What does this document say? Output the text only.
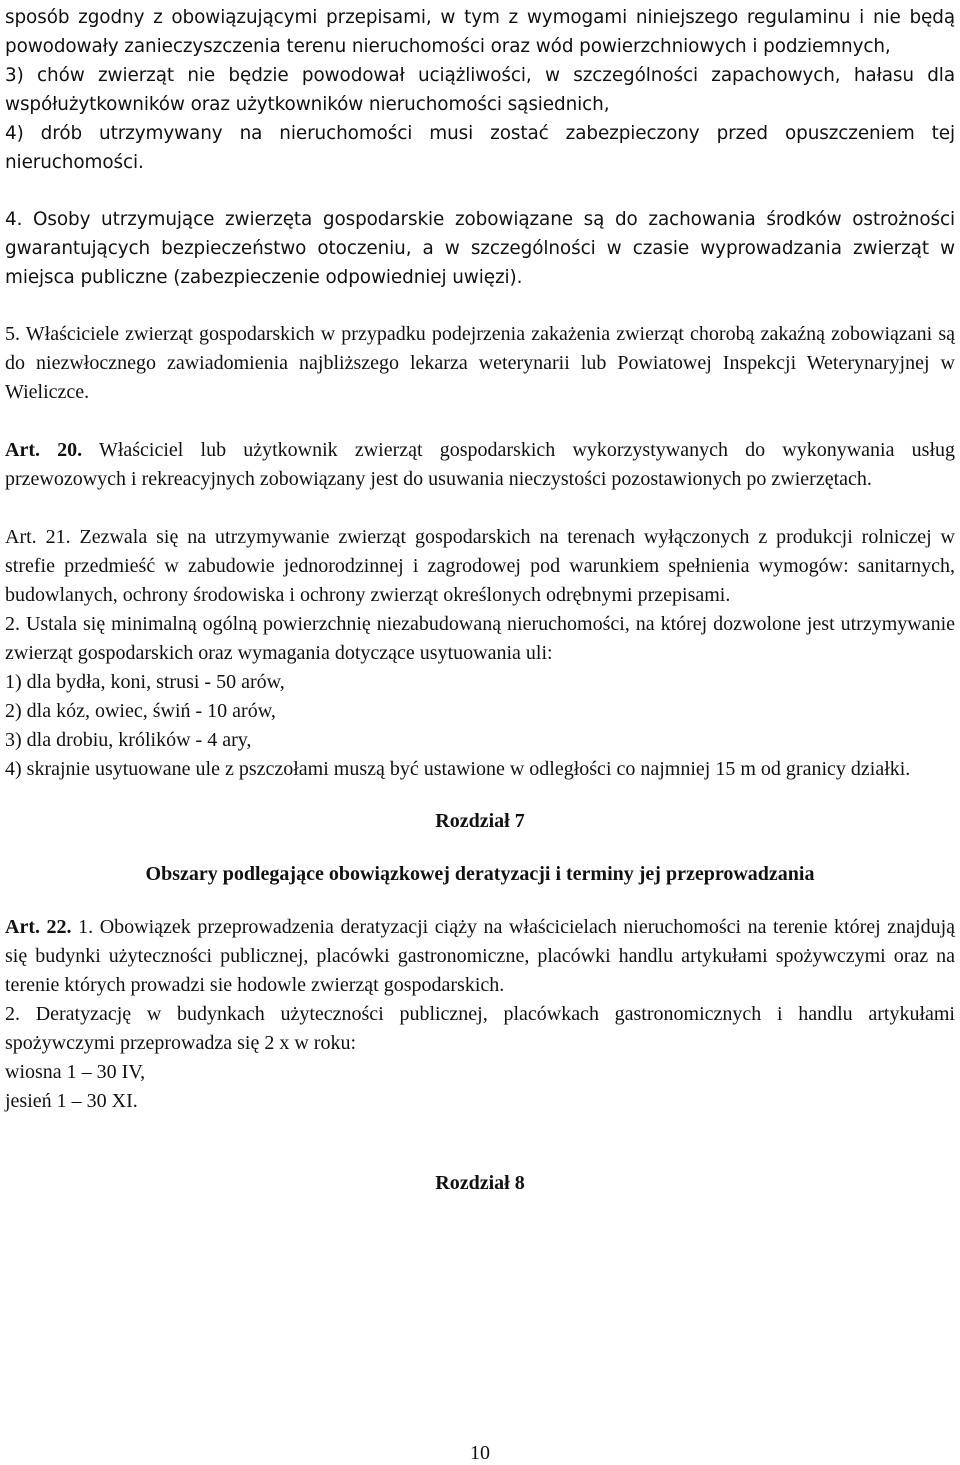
sposób zgodny z obowiązującymi przepisami, w tym z wymogami niniejszego regulaminu i nie będą powodowały zanieczyszczenia terenu nieruchomości oraz wód powierzchniowych i podziemnych,

3) chów zwierząt nie będzie powodował uciążliwości, w szczególności zapachowych, hałasu dla współużytkowników oraz użytkowników nieruchomości sąsiednich,

4) drób utrzymywany na nieruchomości musi zostać zabezpieczony przed opuszczeniem tej nieruchomości.

4. Osoby utrzymujące zwierzęta gospodarskie zobowiązane są do zachowania środków ostrożności gwarantujących bezpieczeństwo otoczeniu, a w szczególności w czasie wyprowadzania zwierząt w miejsca publiczne (zabezpieczenie odpowiedniej uwięzi).

5. Właściciele zwierząt gospodarskich w przypadku podejrzenia zakażenia zwierząt chorobą zakaźną zobowiązani są do niezwłocznego zawiadomienia najbliższego lekarza weterynarii lub Powiatowej Inspekcji Weterynaryjnej w Wieliczce.

Art. 20. Właściciel lub użytkownik zwierząt gospodarskich wykorzystywanych do wykonywania usług przewozowych i rekreacyjnych zobowiązany jest do usuwania nieczystości pozostawionych po zwierzętach.

Art. 21. Zezwala się na utrzymywanie zwierząt gospodarskich na terenach wyłączonych z produkcji rolniczej w strefie przedmieść w zabudowie jednorodzinnej i zagrodowej pod warunkiem spełnienia wymogów: sanitarnych, budowlanych, ochrony środowiska i ochrony zwierząt określonych odrębnymi przepisami.

2. Ustala się minimalną ogólną powierzchnię niezabudowaną nieruchomości, na której dozwolone jest utrzymywanie zwierząt gospodarskich oraz wymagania dotyczące usytuowania uli:

1) dla bydła, koni, strusi - 50 arów,

2) dla kóz, owiec, świń - 10 arów,

3) dla drobiu, królików - 4 ary,

4) skrajnie usytuowane ule z pszczołami muszą być ustawione w odległości co najmniej 15 m od granicy działki.

Rozdział 7

Obszary podlegające obowiązkowej deratyzacji i terminy jej przeprowadzania

Art. 22. 1. Obowiązek przeprowadzenia deratyzacji ciąży na właścicielach nieruchomości na terenie której znajdują się budynki użyteczności publicznej, placówki gastronomiczne, placówki handlu artykułami spożywczymi oraz na terenie których prowadzi sie hodowle zwierząt gospodarskich.

2. Deratyzację w budynkach użyteczności publicznej, placówkach gastronomicznych i handlu artykułami spożywczymi przeprowadza się 2 x w roku:

wiosna 1 – 30 IV,

jesień 1 – 30 XI.

Rozdział 8

10
